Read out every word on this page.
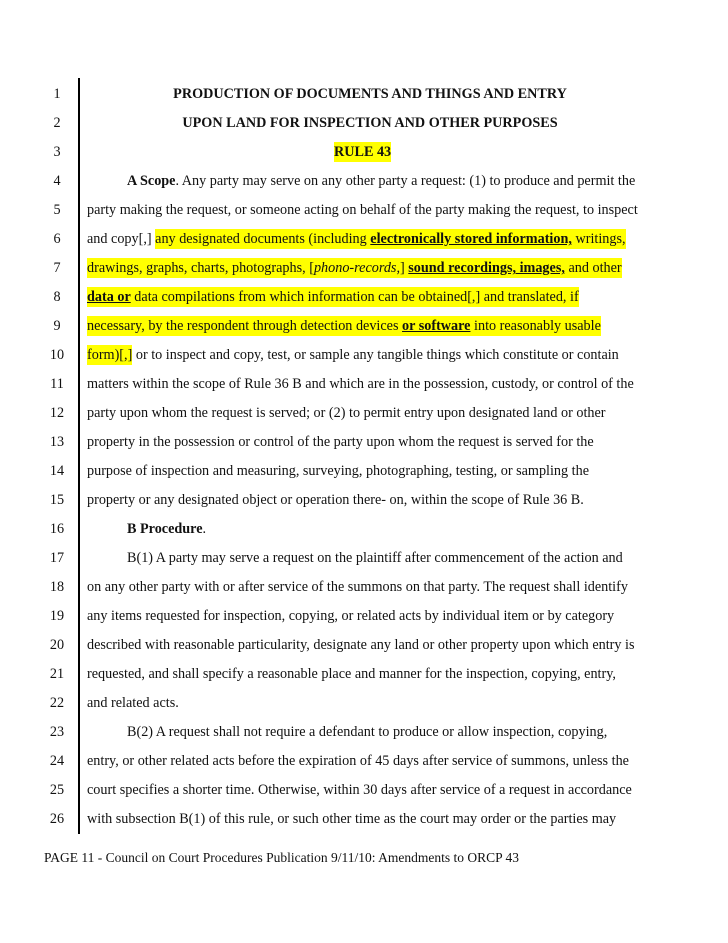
1	PRODUCTION OF DOCUMENTS AND THINGS AND ENTRY
2	UPON LAND FOR INSPECTION AND OTHER PURPOSES
3	RULE 43
4	A Scope. Any party may serve on any other party a request: (1) to produce and permit the
5	party making the request, or someone acting on behalf of the party making the request, to inspect
6	and copy[,] any designated documents (including electronically stored information, writings,
7	drawings, graphs, charts, photographs, [phono-records,] sound recordings, images, and other
8	data or data compilations from which information can be obtained[,] and translated, if
9	necessary, by the respondent through detection devices or software into reasonably usable
10	form)[,] or to inspect and copy, test, or sample any tangible things which constitute or contain
11	matters within the scope of Rule 36 B and which are in the possession, custody, or control of the
12	party upon whom the request is served; or (2) to permit entry upon designated land or other
13	property in the possession or control of the party upon whom the request is served for the
14	purpose of inspection and measuring, surveying, photographing, testing, or sampling the
15	property or any designated object or operation there- on, within the scope of Rule 36 B.
16	B Procedure.
17	B(1) A party may serve a request on the plaintiff after commencement of the action and
18	on any other party with or after service of the summons on that party. The request shall identify
19	any items requested for inspection, copying, or related acts by individual item or by category
20	described with reasonable particularity, designate any land or other property upon which entry is
21	requested, and shall specify a reasonable place and manner for the inspection, copying, entry,
22	and related acts.
23	B(2) A request shall not require a defendant to produce or allow inspection, copying,
24	entry, or other related acts before the expiration of 45 days after service of summons, unless the
25	court specifies a shorter time. Otherwise, within 30 days after service of a request in accordance
26	with subsection B(1) of this rule, or such other time as the court may order or the parties may
PAGE 11 - Council on Court Procedures Publication 9/11/10: Amendments to ORCP 43
